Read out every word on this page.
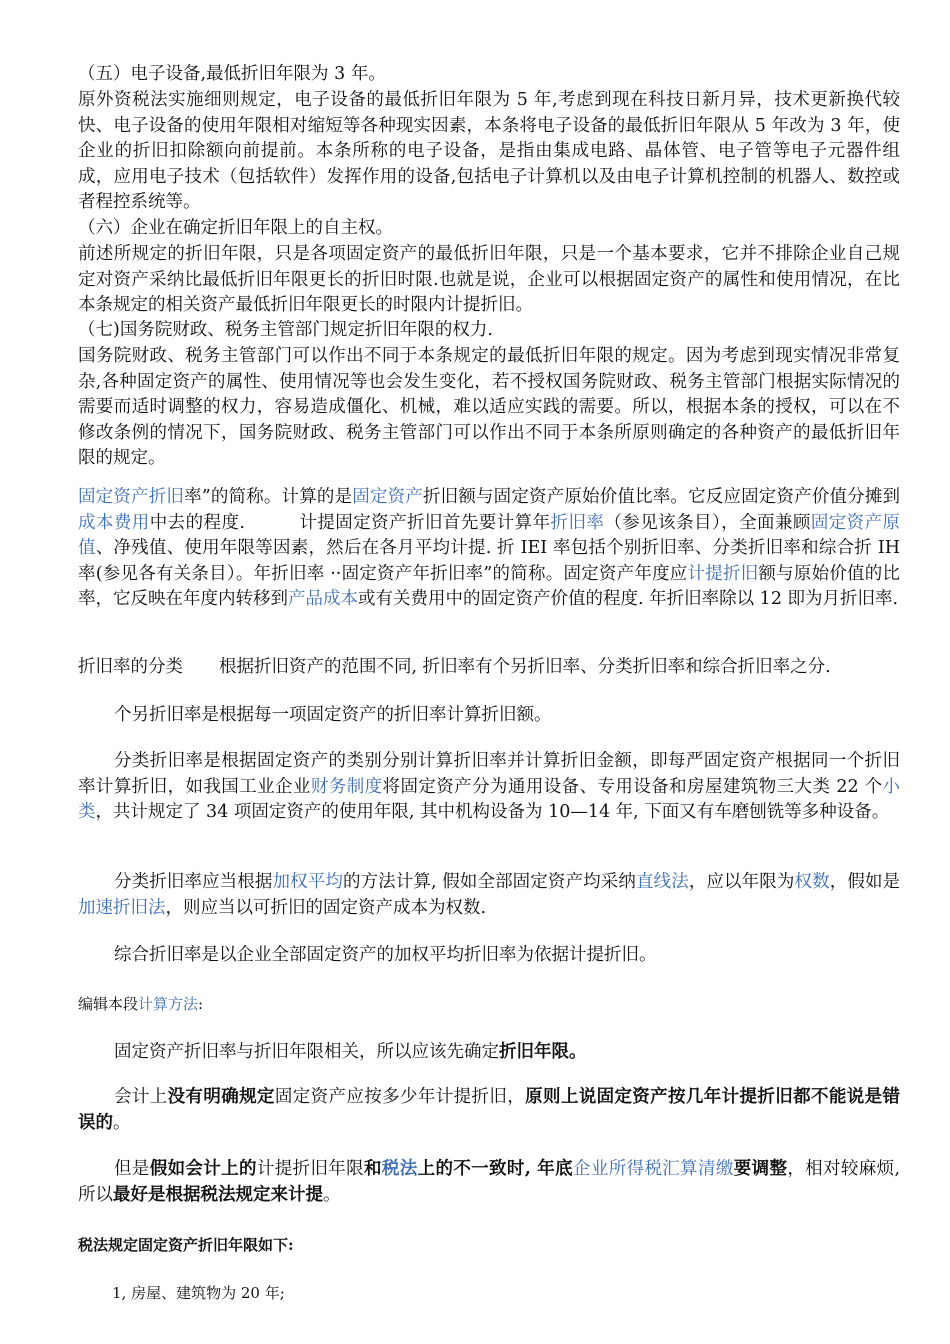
（五）电子设备,最低折旧年限为 3 年。

原外资税法实施细则规定，电子设备的最低折旧年限为 5 年,考虑到现在科技日新月异，技术更新换代较快、电子设备的使用年限相对缩短等各种现实因素，本条将电子设备的最低折旧年限从 5 年改为 3 年，使企业的折旧扣除额向前提前。本条所称的电子设备，是指由集成电路、晶体管、电子管等电子元器件组成，应用电子技术（包括软件）发挥作用的设备,包括电子计算机以及由电子计算机控制的机器人、数控或者程控系统等。

（六）企业在确定折旧年限上的自主权。

前述所规定的折旧年限，只是各项固定资产的最低折旧年限，只是一个基本要求，它并不排除企业自己规定对资产采纳比最低折旧年限更长的折旧时限.也就是说，企业可以根据固定资产的属性和使用情况，在比本条规定的相关资产最低折旧年限更长的时限内计提折旧。

（七)国务院财政、税务主管部门规定折旧年限的权力.

国务院财政、税务主管部门可以作出不同于本条规定的最低折旧年限的规定。因为考虑到现实情况非常复杂,各种固定资产的属性、使用情况等也会发生变化，若不授权国务院财政、税务主管部门根据实际情况的需要而适时调整的权力，容易造成僵化、机械，难以适应实践的需要。所以，根据本条的授权，可以在不修改条例的情况下，国务院财政、税务主管部门可以作出不同于本条所原则确定的各种资产的最低折旧年限的规定。

固定资产折旧率”的简称。计算的是固定资产折旧额与固定资产原始价值比率。它反应固定资产价值分摊到成本费用中去的程度.	计提固定资产折旧首先要计算年折旧率（参见该条目），全面兼顾固定资产原值、净残值、使用年限等因素，然后在各月平均计提. 折 IEI 率包括个别折旧率、分类折旧率和综合折 IH 率(参见各有关条目）。年折旧率 ··固定资产年折旧率”的简称。固定资产年度应计提折旧额与原始价值的比率，它反映在年度内转移到产品成本或有关费用中的固定资产价值的程度. 年折旧率除以 12 即为月折旧率.

折旧率的分类 根据折旧资产的范围不同, 折旧率有个另折旧率、分类折旧率和综合折旧率之分.

个另折旧率是根据每一项固定资产的折旧率计算折旧额。

分类折旧率是根据固定资产的类别分别计算折旧率并计算折旧金额，即每严固定资产根据同一个折旧率计算折旧，如我国工业企业财务制度将固定资产分为通用设备、专用设备和房屋建筑物三大类 22 个小类，共计规定了 34 项固定资产的使用年限, 其中机构设备为 10—14 年, 下面又有车磨刨铣等多种设备。

分类折旧率应当根据加权平均的方法计算, 假如全部固定资产均采纳直线法，应以年限为权数，假如是加速折旧法，则应当以可折旧的固定资产成本为权数.

综合折旧率是以企业全部固定资产的加权平均折旧率为依据计提折旧。

编辑本段计算方法:

固定资产折旧率与折旧年限相关，所以应该先确定折旧年限。

会计上没有明确规定固定资产应按多少年计提折旧，原则上说固定资产按几年计提折旧都不能说是错误的。

但是假如会计上的计提折旧年限和税法上的不一致时, 年底企业所得税汇算清缴要调整，相对较麻烦, 所以最好是根据税法规定来计提。

税法规定固定资产折旧年限如下:

1, 房屋、建筑物为 20 年;
